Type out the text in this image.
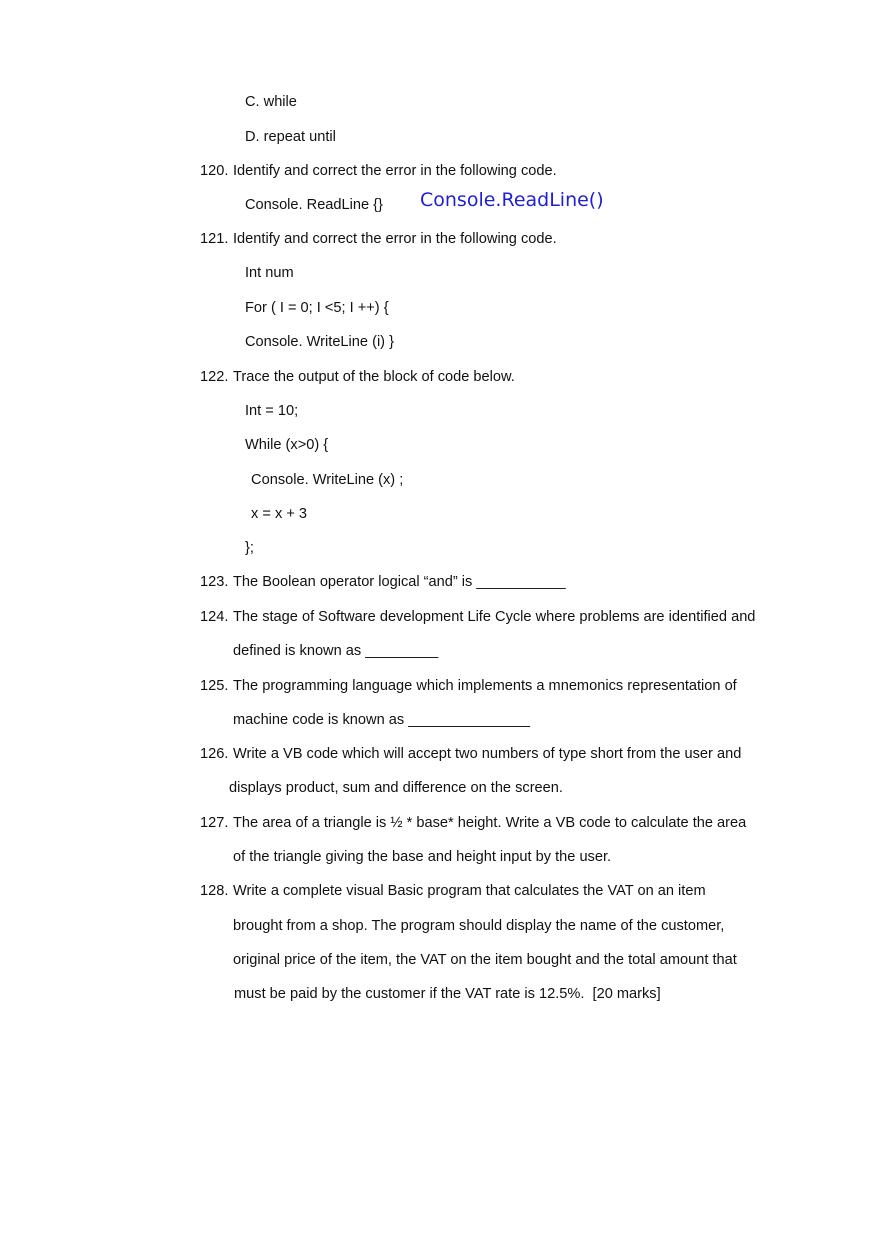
C. while
D. repeat until
120. Identify and correct the error in the following code.
Console. ReadLine {} Console.ReadLine()
121. Identify and correct the error in the following code.
Int num
For ( I = 0; I <5; I ++) {
Console. WriteLine (i) }
122. Trace the output of the block of code below.
Int = 10;
While (x>0) {
Console. WriteLine (x) ;
x = x + 3
};
123. The Boolean operator logical “and” is ___________
124. The stage of Software development Life Cycle where problems are identified and
defined is known as _________
125. The programming language which implements a mnemonics representation of
machine code is known as _______________
126. Write a VB code which will accept two numbers of type short from the user and
displays product, sum and difference on the screen.
127. The area of a triangle is ½ * base* height. Write a VB code to calculate the area
of the triangle giving the base and height input by the user.
128. Write a complete visual Basic program that calculates the VAT on an item
brought from a shop. The program should display the name of the customer,
original price of the item, the VAT on the item bought and the total amount that
must be paid by the customer if the VAT rate is 12.5%.  [20 marks]
